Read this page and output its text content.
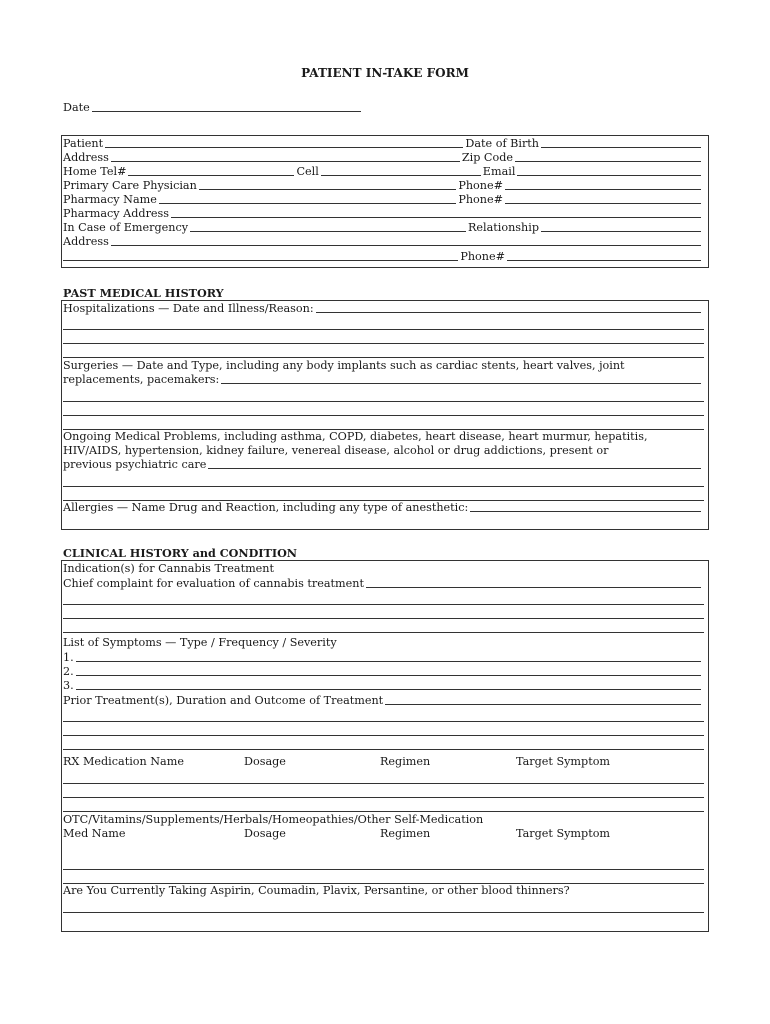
PATIENT IN-TAKE FORM
Date
Patient	Date of Birth
Address	Zip Code
Home Tel#	Cell	Email
Primary Care Physician	Phone#
Pharmacy Name	Phone#
Pharmacy Address
In Case of Emergency	Relationship
Address
Phone#
PAST MEDICAL HISTORY
Hospitalizations — Date and Illness/Reason:
Surgeries — Date and Type, including any body implants such as cardiac stents, heart valves, joint
replacements, pacemakers:
Ongoing Medical Problems, including asthma, COPD, diabetes, heart disease, heart murmur, hepatitis,
HIV/AIDS, hypertension, kidney failure, venereal disease, alcohol or drug addictions, present or
previous psychiatric care
Allergies — Name Drug and Reaction, including any type of anesthetic:
CLINICAL HISTORY and CONDITION
Indication(s) for Cannabis Treatment
Chief complaint for evaluation of cannabis treatment
List of Symptoms — Type / Frequency / Severity
1.
2.
3.
Prior Treatment(s), Duration and Outcome of Treatment
RX Medication Name	Dosage	Regimen	Target Symptom
OTC/Vitamins/Supplements/Herbals/Homeopathies/Other Self-Medication
Med Name	Dosage	Regimen	Target Symptom
Are You Currently Taking Aspirin, Coumadin, Plavix, Persantine, or other blood thinners?
